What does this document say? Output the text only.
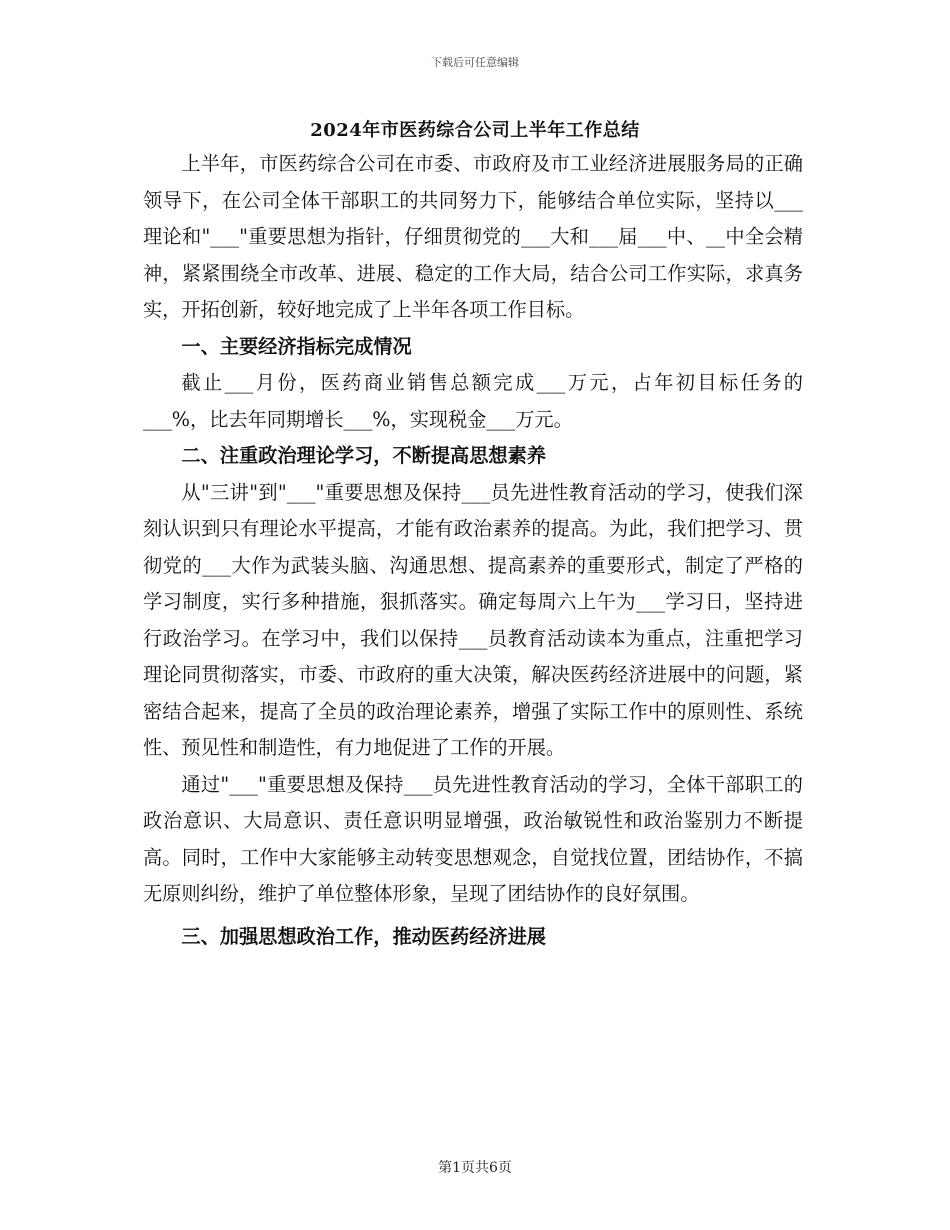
下载后可任意编辑
2024年市医药综合公司上半年工作总结

上半年，市医药综合公司在市委、市政府及市工业经济进展服务局的正确领导下，在公司全体干部职工的共同努力下，能够结合单位实际，坚持以___理论和"___"重要思想为指针，仔细贯彻党的___大和___届___中、__中全会精神，紧紧围绕全市改革、进展、稳定的工作大局，结合公司工作实际，求真务实，开拓创新，较好地完成了上半年各项工作目标。

一、主要经济指标完成情况

截止___月份，医药商业销售总额完成___万元，占年初目标任务的___%，比去年同期增长___%，实现税金___万元。

二、注重政治理论学习，不断提高思想素养

从"三讲"到"___"重要思想及保持___员先进性教育活动的学习，使我们深刻认识到只有理论水平提高，才能有政治素养的提高。为此，我们把学习、贯彻党的___大作为武装头脑、沟通思想、提高素养的重要形式，制定了严格的学习制度，实行多种措施，狠抓落实。确定每周六上午为___学习日，坚持进行政治学习。在学习中，我们以保持___员教育活动读本为重点，注重把学习理论同贯彻落实，市委、市政府的重大决策，解决医药经济进展中的问题，紧密结合起来，提高了全员的政治理论素养，增强了实际工作中的原则性、系统性、预见性和制造性，有力地促进了工作的开展。

通过"___"重要思想及保持___员先进性教育活动的学习，全体干部职工的政治意识、大局意识、责任意识明显增强，政治敏锐性和政治鉴别力不断提高。同时，工作中大家能够主动转变思想观念，自觉找位置，团结协作，不搞无原则纠纷，维护了单位整体形象，呈现了团结协作的良好氛围。

三、加强思想政治工作，推动医药经济进展

第1页共6页
